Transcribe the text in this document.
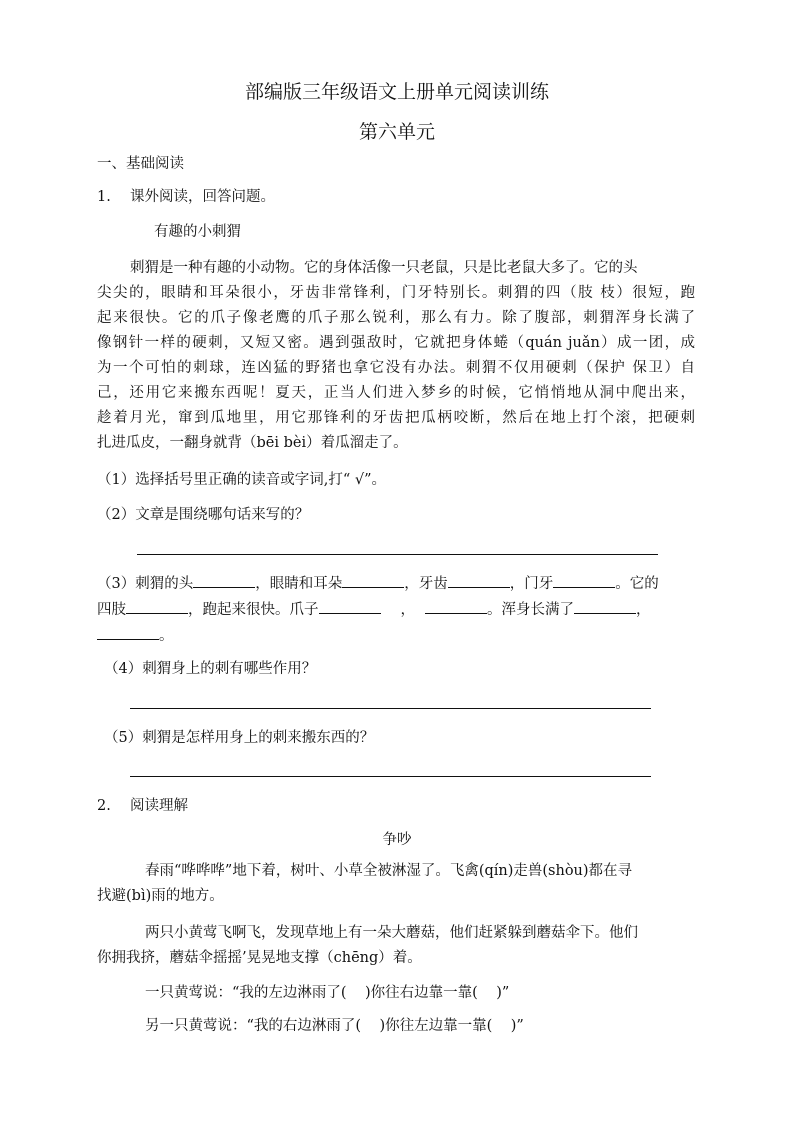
部编版三年级语文上册单元阅读训练
第六单元
一、基础阅读
1. 课外阅读，回答问题。
有趣的小刺猬
刺猬是一种有趣的小动物。它的身体活像一只老鼠，只是比老鼠大多了。它的头
尖尖的，眼睛和耳朵很小，牙齿非常锋利，门牙特别长。刺猬的四（肢 枝）很短，跑
起来很快。它的爪子像老鹰的爪子那么锐利，那么有力。除了腹部，刺猬浑身长满了
像钢针一样的硬刺，又短又密。遇到强敌时，它就把身体蜷（quán juǎn）成一团，成
为一个可怕的刺球，连凶猛的野猪也拿它没有办法。刺猬不仅用硬刺（保护 保卫）自
己，还用它来搬东西呢！夏天，正当人们进入梦乡的时候，它悄悄地从洞中爬出来，
趁着月光，窜到瓜地里，用它那锋利的牙齿把瓜柄咬断，然后在地上打个滚，把硬刺
扎进瓜皮，一翻身就背（bēi bèi）着瓜溜走了。
（1）选择括号里正确的读音或字词,打“ √”。
（2）文章是围绕哪句话来写的？
（3）刺猬的头	，眼睛和耳朵	，牙齿	，门牙	。它的
四肢	，跑起来很快。爪子	，	。浑身长满了	，
。
（4）刺猬身上的刺有哪些作用？
（5）刺猬是怎样用身上的刺来搬东西的？
2. 阅读理解
争吵
春雨“哗哗哗”地下着，树叶、小草全被淋湿了。飞禽(qín)走兽(shòu)都在寻
找避(bì)雨的地方。
两只小黄莺飞啊飞，发现草地上有一朵大蘑菇，他们赶紧躲到蘑菇伞下。他们
你拥我挤，蘑菇伞摇摇’晃晃地支撑（chēng）着。
一只黄莺说：“我的左边淋雨了(    )你往右边靠一靠(    )”
另一只黄莺说：“我的右边淋雨了(    )你往左边靠一靠(    )”
